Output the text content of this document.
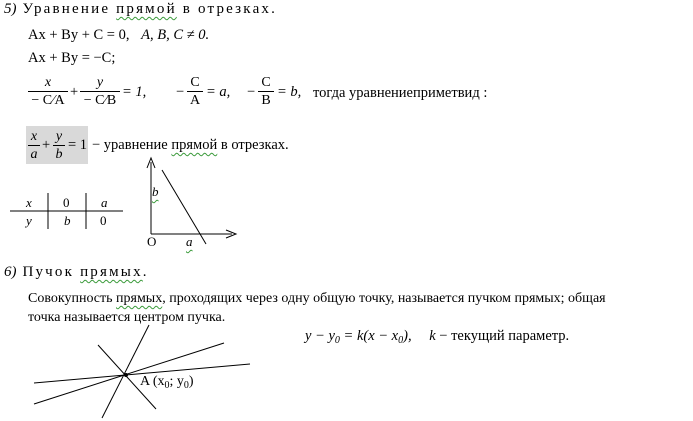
5) Уравнение прямой в отрезках.
Ax + By + C = 0, A, B, C ≠ 0.
Ax + By = −C;
$\frac{x}{- C⁄A} + \frac{y}{- C⁄B} = 1$, − $\frac{C}{A} = a$, − $\frac{C}{B} = b$, тогда уравнениеприметвид :
$\frac{x}{a} + \frac{y}{b} = 1$ − уравнение прямой в отрезках.
x 0 a
y b 0
b
O a
6) Пучок прямых.
Совокупность прямых, проходящих через одну общую точку, называется пучком прямых; общая
точка называется центром пучка.
$y - y_0 = k(x - x_0)$, k − текущий параметр.
A ($x_0$; $y_0$)
